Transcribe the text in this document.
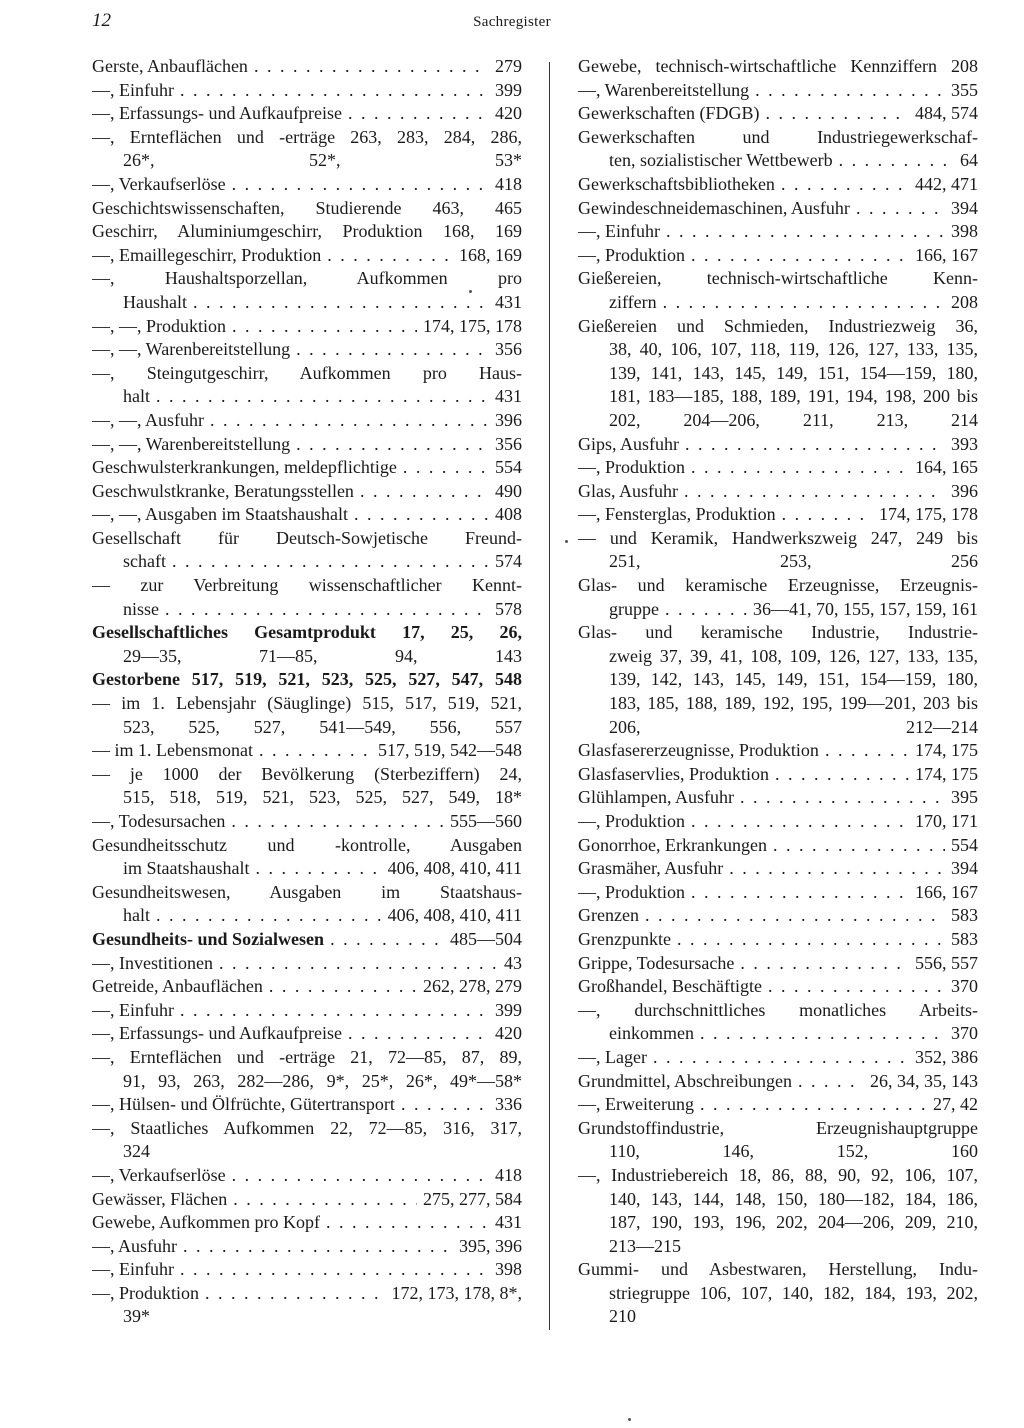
12	Sachregister
Gerste, Anbauflächen . . .	279
—, Einfuhr . . .	399
—, Erfassungs- und Aufkaufpreise . . .	420
—, Ernteflächen und -erträge 263, 283, 284, 286,
26*, 52*, 53*
—, Verkaufserlöse . . .	418
Geschichtswissenschaften, Studierende 463, 465
Geschirr, Aluminiumgeschirr, Produktion 168, 169
—, Emaillegeschirr, Produktion . . .	168, 169
—, Haushaltsporzellan, Aufkommen pro
Haushalt . . .	431
—, —, Produktion . . .	174, 175, 178
—, —, Warenbereitstellung . . .	356
—, Steingutgeschirr, Aufkommen pro Haus-
halt . . .	431
—, —, Ausfuhr . . .	396
—, —, Warenbereitstellung . . .	356
Geschwulsterkrankungen, meldepflichtige . . .	554
Geschwulstkranke, Beratungsstellen . . .	490
—, —, Ausgaben im Staatshaushalt . . .	408
Gesellschaft für Deutsch-Sowjetische Freund-
schaft . . .	574
— zur Verbreitung wissenschaftlicher Kennt-
nisse . . .	578
Gesellschaftliches Gesamtprodukt 17, 25, 26,
29—35, 71—85, 94, 143
Gestorbene 517, 519, 521, 523, 525, 527, 547, 548
— im 1. Lebensjahr (Säuglinge) 515, 517, 519, 521,
523, 525, 527, 541—549, 556, 557
— im 1. Lebensmonat . . .	517, 519, 542—548
— je 1000 der Bevölkerung (Sterbeziffern) 24,
515, 518, 519, 521, 523, 525, 527, 549, 18*
—, Todesursachen . . .	555—560
Gesundheitsschutz und -kontrolle, Ausgaben
im Staatshaushalt . . .	406, 408, 410, 411
Gesundheitswesen, Ausgaben im Staatshaus-
halt . . .	406, 408, 410, 411
Gesundheits- und Sozialwesen . . .	485—504
—, Investitionen . . .	43
Getreide, Anbauflächen . . .	262, 278, 279
—, Einfuhr . . .	399
—, Erfassungs- und Aufkaufpreise . . .	420
—, Ernteflächen und -erträge 21, 72—85, 87, 89,
91, 93, 263, 282—286, 9*, 25*, 26*, 49*—58*
—, Hülsen- und Ölfrüchte, Gütertransport . . .	336
—, Staatliches Aufkommen 22, 72—85, 316, 317,
324
—, Verkaufserlöse . . .	418
Gewässer, Flächen . . .	275, 277, 584
Gewebe, Aufkommen pro Kopf . . .	431
—, Ausfuhr . . .	395, 396
—, Einfuhr . . .	398
—, Produktion . . .	172, 173, 178, 8*,
39*
Gewebe, technisch-wirtschaftliche Kennziffern 208
—, Warenbereitstellung . . .	355
Gewerkschaften (FDGB) . . .	484, 574
Gewerkschaften und Industriegewerkschaf-
ten, sozialistischer Wettbewerb . . .	64
Gewerkschaftsbibliotheken . . .	442, 471
Gewindeschneidemaschinen, Ausfuhr . . .	394
—, Einfuhr . . .	398
—, Produktion . . .	166, 167
Gießereien, technisch-wirtschaftliche Kenn-
ziffern . . .	208
Gießereien und Schmieden, Industriezweig 36,
38, 40, 106, 107, 118, 119, 126, 127, 133, 135,
139, 141, 143, 145, 149, 151, 154—159, 180,
181, 183—185, 188, 189, 191, 194, 198, 200 bis
202, 204—206, 211, 213, 214
Gips, Ausfuhr . . .	393
—, Produktion . . .	164, 165
Glas, Ausfuhr . . .	396
—, Fensterglas, Produktion . . .	174, 175, 178
— und Keramik, Handwerkszweig 247, 249 bis
251, 253, 256
Glas- und keramische Erzeugnisse, Erzeugnis-
gruppe . . .	36—41, 70, 155, 157, 159, 161
Glas- und keramische Industrie, Industrie-
zweig 37, 39, 41, 108, 109, 126, 127, 133, 135,
139, 142, 143, 145, 149, 151, 154—159, 180,
183, 185, 188, 189, 192, 195, 199—201, 203 bis
206, 212—214
Glasfasererzeugnisse, Produktion . . .	174, 175
Glasfaservlies, Produktion . . .	174, 175
Glühlampen, Ausfuhr . . .	395
—, Produktion . . .	170, 171
Gonorrhoe, Erkrankungen . . .	554
Grasmäher, Ausfuhr . . .	394
—, Produktion . . .	166, 167
Grenzen . . .	583
Grenzpunkte . . .	583
Grippe, Todesursache . . .	556, 557
Großhandel, Beschäftigte . . .	370
—, durchschnittliches monatliches Arbeits-
einkommen . . .	370
—, Lager . . .	352, 386
Grundmittel, Abschreibungen . . .	26, 34, 35, 143
—, Erweiterung . . .	27, 42
Grundstoffindustrie, Erzeugnishauptgruppe
110, 146, 152, 160
—, Industriebereich 18, 86, 88, 90, 92, 106, 107,
140, 143, 144, 148, 150, 180—182, 184, 186,
187, 190, 193, 196, 202, 204—206, 209, 210,
213—215
Gummi- und Asbestwaren, Herstellung, Indu-
striegruppe 106, 107, 140, 182, 184, 193, 202,
210
